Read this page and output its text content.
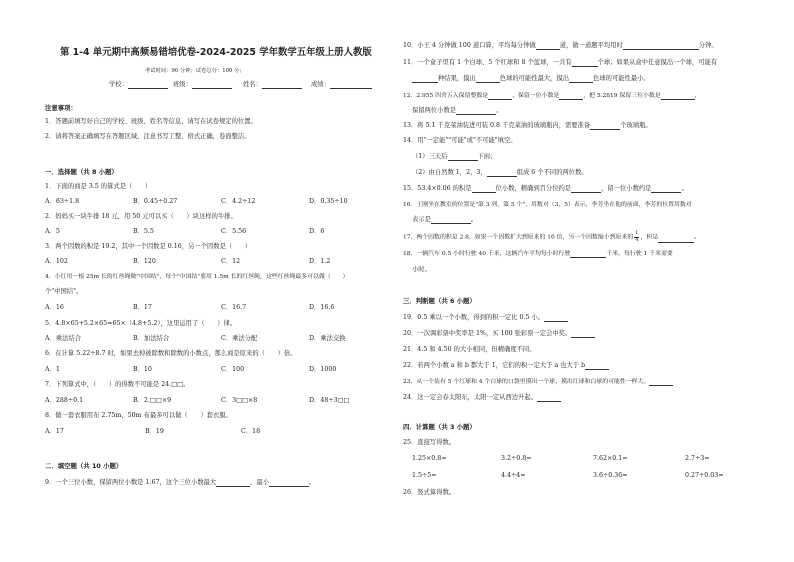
第 1-4 单元期中高频易错培优卷-2024-2025 学年数学五年级上册人教版
考试时间：90 分钟；试卷总分：100 分；
学校：	班级：	姓名：	成绩：
注意事项：
1．答题前填写好自己的学校、班级、姓名等信息，请写在试卷规定的位置。
2．请将答案正确填写在答题区域，注意书写工整，格式正确，卷面整洁。
一．选择题（共 8 小题）
1．下面的商是 3.5 的算式是（　　）
A．63÷1.8	B．0.45÷0.27	C．4.2÷12	D．0.35÷10
2．妈妈买一块牛排 18 元，用 50 元可以买（　　）块这样的牛排。
A．5	B．5.5	C．5.56	D．6
3．两个因数的积是 19.2，其中一个因数是 0.16，另一个因数是（　　）
A．102	B．120	C．12	D．1.2
4．小红用一根 25m 长的红丝绳做"中国结"，每个"中国结"要用 1.5m 长的红丝绳，这些红丝绳最多可以做（　　）
个"中国结"。
A．16	B．17	C．16.7	D．16.6
5．4.8×65+5.2×65=65×（4.8+5.2），这里运用了（　　）律。
A．乘法结合	B．加法结合	C．乘法分配	D．乘法交换
6．在计算 5.22÷8.7 时，如果去掉被除数和除数的小数点，那么商是原来的（　　）倍。
A．1	B．10	C．100	D．1000
7．下列算式中，（　　）的得数不可能是 24.□□。
A．288÷0.1	B．2.□□×9	C．3□□×8	D．48÷3□□
8．做一套衣服用布 2.75m，50m 布最多可以做（　　）套衣服。
A．17	B．19	C．18
二．填空题（共 10 小题）
9．一个三位小数，保留两位小数是 1.67，这个三位小数最大	，最小	。
10．小王 4 分钟做 100 道口算，平均每分钟做	道，做一道题平均用时	分钟。
11．一个盒子里有 1 个白球、5 个红球和 8 个蓝球，一共有	个球；如果从盒中任意摸出一个球，可能有
种结果，摸出	色球的可能性最大，摸出	色球的可能性最小。
12．2.955 四舍五入保留整数是	，保留一位小数是	，把 5.2819 保留三位小数是	，
保留两位小数是	。
13．将 5.1 千克菜油装进可装 0.8 千克菜油的玻璃瓶内，需要准备	个玻璃瓶。
14．用"一定能""可能"或"不可能"填空。
（1）三天后	下雨；
（2）由自然数 1，2，3，	组成 6 个不同的两位数。
15．53.4×0.06 的积是	位小数，精确到百分位约是	，留一位小数约是	。
16．王刚坐在教室的位置是"第 3 列，第 5 个"，用数对（3，5）表示，李芳坐在他的前面，李芳的位置用数对
表示是	。
17．两个因数的积是 2.8，如果一个因数扩大到原来的 16 倍，另一个因数缩小到原来的 $\frac{1}{4}$ ，积是	。
18．一辆汽车 0.5 小时行驶 40 千米，这辆汽车平均每小时行驶	千米，每行驶 1 千米需要
小时。
三．判断题（共 6 小题）
19．0.5 乘以一个小数，得到的积一定比 0.5 小。
20．一次调彩票中奖率是 1%，买 100 张彩票一定会中奖。
21．4.5 和 4.50 的大小相同，但精确度不同。
22．若两个小数 a 和 b 都大于 1，它们的积一定大于 a 也大于 b
23．从一个装有 5 个红球和 4 个白球的口袋里摸出一个球，摸出红球和白球的可能性一样大。
24．这一定会春太阳东，太阳一定从西边升起。
四．计算题（共 3 小题）
25．直接写得数。
1.25×0.8=	3.2÷0.8=	7.62×0.1=	2.7÷3=
1.5÷5=	4.4÷4=	3.6÷0.36=	0.27÷0.03=
26．竖式算得数。
